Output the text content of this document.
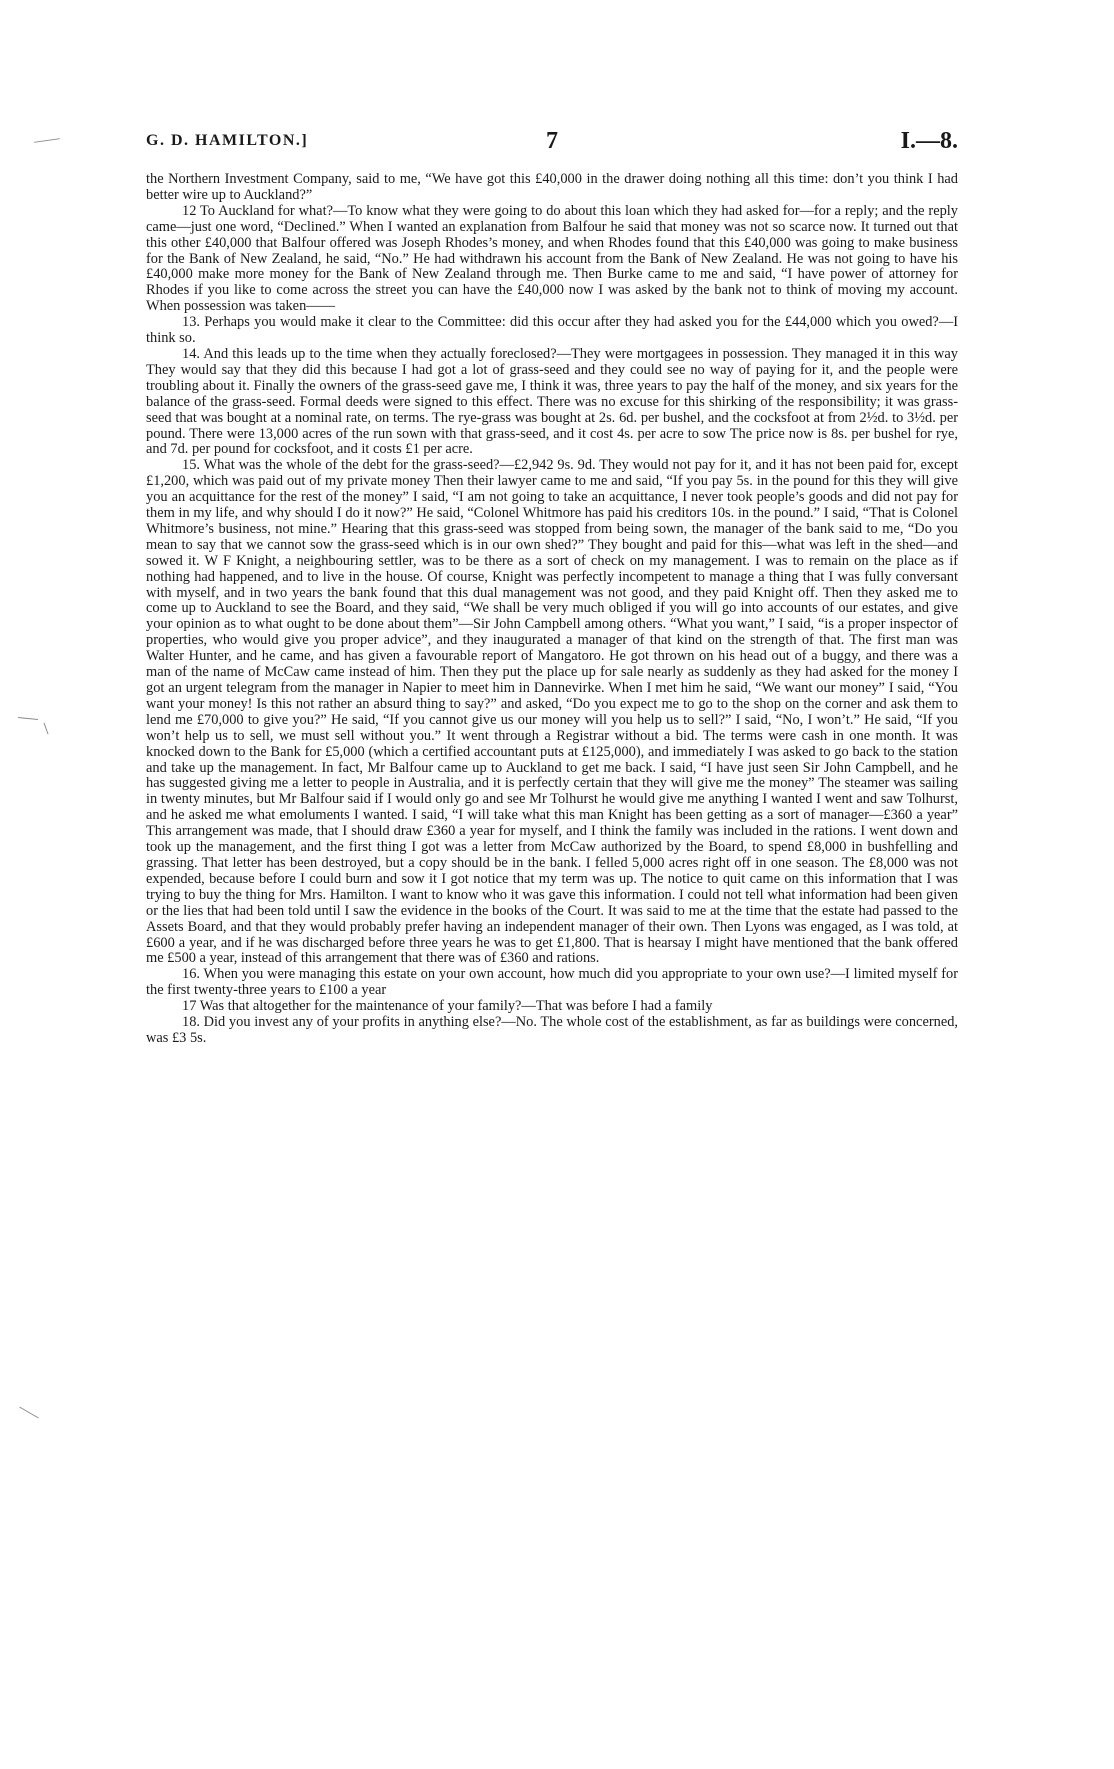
G. D. HAMILTON.]	7	I.—8.

the Northern Investment Company, said to me, “We have got this £40,000 in the drawer doing nothing all this time: don’t you think I had better wire up to Auckland?”

12 To Auckland for what?—To know what they were going to do about this loan which they had asked for—for a reply; and the reply came—just one word, “Declined.” When I wanted an explanation from Balfour he said that money was not so scarce now. It turned out that this other £40,000 that Balfour offered was Joseph Rhodes’s money, and when Rhodes found that this £40,000 was going to make business for the Bank of New Zealand, he said, “No.” He had withdrawn his account from the Bank of New Zealand. He was not going to have his £40,000 make more money for the Bank of New Zealand through me. Then Burke came to me and said, “I have power of attorney for Rhodes if you like to come across the street you can have the £40,000 now I was asked by the bank not to think of moving my account. When possession was taken——

13. Perhaps you would make it clear to the Committee: did this occur after they had asked you for the £44,000 which you owed?—I think so.

14. And this leads up to the time when they actually foreclosed?—They were mortgagees in possession. They managed it in this way They would say that they did this because I had got a lot of grass-seed and they could see no way of paying for it, and the people were troubling about it. Finally the owners of the grass-seed gave me, I think it was, three years to pay the half of the money, and six years for the balance of the grass-seed. Formal deeds were signed to this effect. There was no excuse for this shirking of the responsibility; it was grass-seed that was bought at a nominal rate, on terms. The rye-grass was bought at 2s. 6d. per bushel, and the cocksfoot at from 2½d. to 3½d. per pound. There were 13,000 acres of the run sown with that grass-seed, and it cost 4s. per acre to sow The price now is 8s. per bushel for rye, and 7d. per pound for cocksfoot, and it costs £1 per acre.

15. What was the whole of the debt for the grass-seed?—£2,942 9s. 9d. They would not pay for it, and it has not been paid for, except £1,200, which was paid out of my private money Then their lawyer came to me and said, “If you pay 5s. in the pound for this they will give you an acquittance for the rest of the money” I said, “I am not going to take an acquittance, I never took people’s goods and did not pay for them in my life, and why should I do it now?” He said, “Colonel Whitmore has paid his creditors 10s. in the pound.” I said, “That is Colonel Whitmore’s business, not mine.” Hearing that this grass-seed was stopped from being sown, the manager of the bank said to me, “Do you mean to say that we cannot sow the grass-seed which is in our own shed?” They bought and paid for this—what was left in the shed—and sowed it. W F Knight, a neighbouring settler, was to be there as a sort of check on my management. I was to remain on the place as if nothing had happened, and to live in the house. Of course, Knight was perfectly incompetent to manage a thing that I was fully conversant with myself, and in two years the bank found that this dual management was not good, and they paid Knight off. Then they asked me to come up to Auckland to see the Board, and they said, “We shall be very much obliged if you will go into accounts of our estates, and give your opinion as to what ought to be done about them”—Sir John Campbell among others. “What you want,” I said, “is a proper inspector of properties, who would give you proper advice”, and they inaugurated a manager of that kind on the strength of that. The first man was Walter Hunter, and he came, and has given a favourable report of Mangatoro. He got thrown on his head out of a buggy, and there was a man of the name of McCaw came instead of him. Then they put the place up for sale nearly as suddenly as they had asked for the money I got an urgent telegram from the manager in Napier to meet him in Dannevirke. When I met him he said, “We want our money” I said, “You want your money! Is this not rather an absurd thing to say?” and asked, “Do you expect me to go to the shop on the corner and ask them to lend me £70,000 to give you?” He said, “If you cannot give us our money will you help us to sell?” I said, “No, I won’t.” He said, “If you won’t help us to sell, we must sell without you.” It went through a Registrar without a bid. The terms were cash in one month. It was knocked down to the Bank for £5,000 (which a certified accountant puts at £125,000), and immediately I was asked to go back to the station and take up the management. In fact, Mr Balfour came up to Auckland to get me back. I said, “I have just seen Sir John Campbell, and he has suggested giving me a letter to people in Australia, and it is perfectly certain that they will give me the money” The steamer was sailing in twenty minutes, but Mr Balfour said if I would only go and see Mr Tolhurst he would give me anything I wanted I went and saw Tolhurst, and he asked me what emoluments I wanted. I said, “I will take what this man Knight has been getting as a sort of manager—£360 a year” This arrangement was made, that I should draw £360 a year for myself, and I think the family was included in the rations. I went down and took up the management, and the first thing I got was a letter from McCaw authorized by the Board, to spend £8,000 in bushfelling and grassing. That letter has been destroyed, but a copy should be in the bank. I felled 5,000 acres right off in one season. The £8,000 was not expended, because before I could burn and sow it I got notice that my term was up. The notice to quit came on this information that I was trying to buy the thing for Mrs. Hamilton. I want to know who it was gave this information. I could not tell what information had been given or the lies that had been told until I saw the evidence in the books of the Court. It was said to me at the time that the estate had passed to the Assets Board, and that they would probably prefer having an independent manager of their own. Then Lyons was engaged, as I was told, at £600 a year, and if he was discharged before three years he was to get £1,800. That is hearsay I might have mentioned that the bank offered me £500 a year, instead of this arrangement that there was of £360 and rations.

16. When you were managing this estate on your own account, how much did you appropriate to your own use?—I limited myself for the first twenty-three years to £100 a year

17 Was that altogether for the maintenance of your family?—That was before I had a family

18. Did you invest any of your profits in anything else?—No. The whole cost of the establishment, as far as buildings were concerned, was £3 5s.
